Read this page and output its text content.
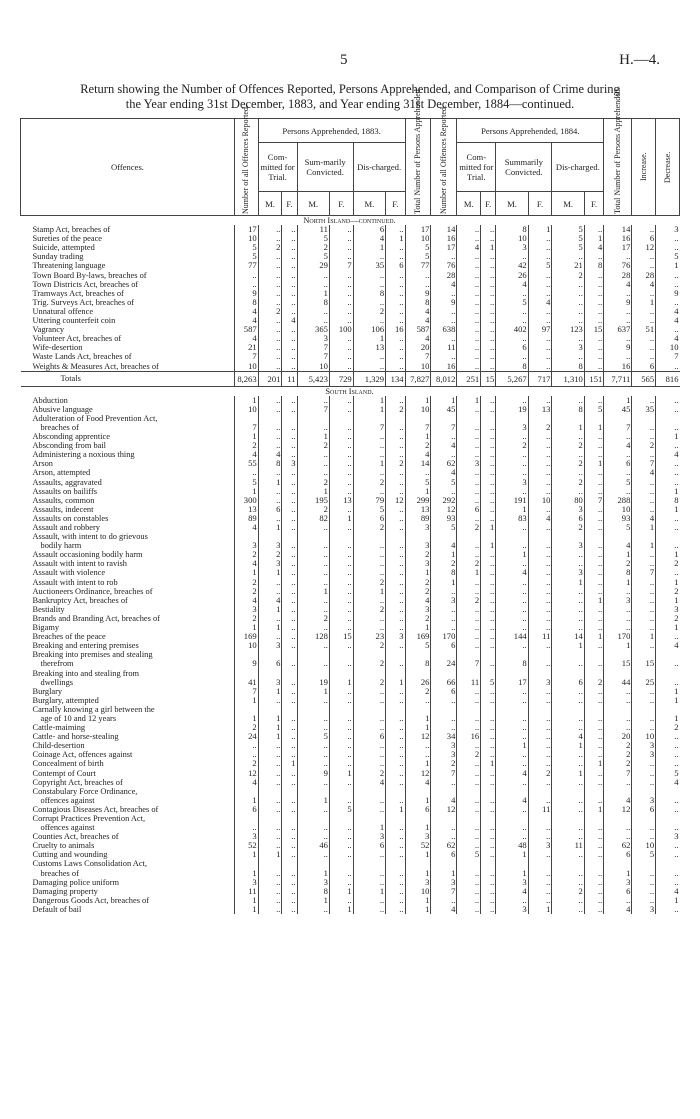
5	H.—4.
Return showing the Number of Offences Reported, Persons Apprehended, and Comparison of Crime during
the Year ending 31st December, 1883, and Year ending 31st December, 1884—continued.
Offences.	Number of all Offences Reported.	Persons Apprehended, 1883.						Total Number of Persons Apprehended.	Number of all Offences Reported.	Persons Apprehended, 1884.						Total Number of Persons Apprehended.	Increase.	Decrease.

		Com-mitted for Trial.		Sum-marily Convicted.		Dis-charged.				Com-mitted for Trial.		Summarily Convicted.		Dis-charged.				
		M.	F.	M.	F.	M.	F.			M.	F.	M.	F.	M.	F.			
North Island—continued.																		
Stamp Act, breaches of	17	..	..	11	..	6	..	17	14	..	..	8	1	5	..	14	..	3
Sureties of the peace	10	..	..	5	..	4	1	10	16	..	..	10	..	5	1	16	6	..
Suicide, attempted	5	2	..	2	..	1	..	5	17	4	1	3	..	5	4	17	12	..
Sunday trading	5	..	..	5	..	..	..	5	..	..	..	..	..	..	..	..	..	5
Threatening language	77	..	..	29	7	35	6	77	76	..	..	42	5	21	8	76	..	1
Town Board By-laws, breaches of	..	..	..	..	..	..	..	..	28	..	..	26	..	2	..	28	28	..
Town Districts Act, breaches of	..	..	..	..	..	..	..	..	4	..	..	4	..	..	..	4	4	..
Tramways Act, breaches of	9	..	..	1	..	8	..	9	..	..	..	..	..	..	..	..	..	9
Trig. Surveys Act, breaches of	8	..	..	8	..	..	..	8	9	..	..	5	4	..	..	9	1	..
Unnatural offence	4	2	..	..	..	2	..	4	..	..	..	..	..	..	..	..	..	4
Uttering counterfeit coin	4	..	4	..	..	..	..	4	..	..	..	..	..	..	..	..	..	4
Vagrancy	587	..	..	365	100	106	16	587	638	..	..	402	97	123	15	637	51	..
Volunteer Act, breaches of	4	..	..	3	..	1	..	4	..	..	..	..	..	..	..	..	..	4
Wife-desertion	21	..	..	7	..	13	..	20	11	..	..	6	..	3	..	9	..	10
Waste Lands Act, breaches of	7	..	..	7	..	..	..	7	..	..	..	..	..	..	..	..	..	7
Weights & Measures Act, breaches of	10	..	..	10	..	..	..	10	16	..	..	8	..	8	..	16	6	..
Totals	8,263	201	11	5,423	729	1,329	134	7,827	8,012	251	15	5,267	717	1,310	151	7,711	565	816
South Island.																		
Abduction	1	..	..	..	..	1	..	1	1	1	..	..	..	..	..	1	..	..
Abusive language	10	..	..	7	..	1	2	10	45	..	..	19	13	8	5	45	35	..
Adulteration of Food Prevention Act,																		
breaches of	7	..	..	..	..	7	..	7	7	..	..	3	2	1	1	7	..	..
Absconding apprentice	1	..	..	1	..	..	..	1	..	..	..	..	..	..	..	..	..	1
Absconding from bail	2	..	..	2	..	..	..	2	4	..	..	2	..	2	..	4	2	..
Administering a noxious thing	4	4	..	..	..	..	..	4	..	..	..	..	..	..	..	..	..	4
Arson	55	8	3	..	..	1	2	14	62	3	..	..	..	2	1	6	7	..
Arson, attempted	..	..	..	..	..	..	..	..	4	..	..	..	..	..	..	..	4	..
Assaults, aggravated	5	1	..	2	..	2	..	5	5	..	..	3	..	2	..	5	..	..
Assaults on bailiffs	1	..	..	1	..	..	..	1	..	..	..	..	..	..	..	..	..	1
Assaults, common	300	..	..	195	13	79	12	299	292	..	..	191	10	80	7	288	..	8
Assaults, indecent	13	6	..	2	..	5	..	13	12	6	..	1	..	3	..	10	..	1
Assaults on constables	89	..	..	82	1	6	..	89	93	..	..	83	4	6	..	93	4	..
Assault and robbery	4	1	..	..	..	2	..	3	5	2	1	..	..	2	..	5	1	..
Assault, with intent to do grievous																		
bodily harm	3	3	..	..	..	..	..	3	4	..	1	..	..	3	..	4	1	..
Assault occasioning bodily harm	2	2	..	..	..	..	..	2	1	..	..	1	..	..	..	1	..	1
Assault with intent to ravish	4	3	..	..	..	..	..	3	2	2	..	..	..	..	..	2	..	2
Assault with violence	1	1	..	..	..	..	..	1	8	1	..	4	..	3	..	8	7	..
Assault with intent to rob	2	..	..	..	..	2	..	2	1	..	..	..	..	1	..	1	..	1
Auctioneers Ordinance, breaches of	2	..	..	1	..	1	..	2	..	..	..	..	..	..	..	..	..	2
Bankruptcy Act, breaches of	4	4	..	..	..	..	..	4	3	2	..	..	..	..	1	3	..	1
Bestiality	3	1	..	..	..	2	..	3	..	..	..	..	..	..	..	..	..	3
Brands and Branding Act, breaches of	2	..	..	2	..	..	..	2	..	..	..	..	..	..	..	..	..	2
Bigamy	1	1	..	..	..	..	..	1	..	..	..	..	..	..	..	..	..	1
Breaches of the peace	169	..	..	128	15	23	3	169	170	..	..	144	11	14	1	170	1	..
Breaking and entering premises	10	3	..	..	..	2	..	5	6	..	..	..	..	1	..	1	..	4
Breaking into premises and stealing																		
therefrom	9	6	..	..	..	2	..	8	24	7	..	8	..	..	..	15	15	..
Breaking into and stealing from																		
dwellings	41	3	..	19	1	2	1	26	66	11	5	17	3	6	2	44	25	..
Burglary	7	1	..	1	..	..	..	2	6	..	..	..	..	..	..	..	..	1
Burglary, attempted	1	..	..	..	..	..	..	..	..	..	..	..	..	..	..	..	..	1
Carnally knowing a girl between the																		
age of 10 and 12 years	1	1	..	..	..	..	..	1	..	..	..	..	..	..	..	..	..	1
Cattle-maiming	2	1	..	..	..	..	..	1	..	..	..	..	..	..	..	..	..	2
Cattle- and horse-stealing	24	1	..	5	..	6	..	12	34	16	..	..	..	4	..	20	10	..
Child-desertion	..	..	..	..	..	..	..	..	3	..	..	1	..	1	..	2	3	..
Coinage Act, offences against	..	..	..	..	..	..	..	..	3	2	..	..	..	..	..	2	3	..
Concealment of birth	2	..	1	..	..	..	..	1	2	..	1	..	..	..	1	2	..	..
Contempt of Court	12	..	..	9	1	2	..	12	7	..	..	4	2	1	..	7	..	5
Copyright Act, breaches of	4	..	..	..	..	4	..	4	..	..	..	..	..	..	..	..	..	4
Constabulary Force Ordinance,																		
offences against	1	..	..	1	..	..	..	1	4	..	..	4	..	..	..	4	3	..
Contagious Diseases Act, breaches of	6	..	..	..	5	..	1	6	12	..	..	..	11	..	1	12	6	..
Corrupt Practices Prevention Act,																		
offences against	..	..	..	..	..	1	..	1	..	..	..	..	..	..	..	..	..	..
Counties Act, breaches of	3	..	..	..	..	3	..	3	..	..	..	..	..	..	..	..	..	3
Cruelty to animals	52	..	..	46	..	6	..	52	62	..	..	48	3	11	..	62	10	..
Cutting and wounding	1	1	..	..	..	..	..	1	6	5	..	1	..	..	..	6	5	..
Customs Laws Consolidation Act,																		
breaches of	1	..	..	1	..	..	..	1	1	..	..	1	..	..	..	1	..	..
Damaging police uniform	3	..	..	3	..	..	..	3	3	..	..	3	..	..	..	3	..	..
Damaging property	11	..	..	8	1	1	..	10	7	..	..	4	..	2	..	6	..	4
Dangerous Goods Act, breaches of	1	..	..	1	..	..	..	1	..	..	..	..	..	..	..	..	..	1
Default of bail	1	..	..	..	1	..	..	1	4	..	..	3	1	..	..	4	3	..
